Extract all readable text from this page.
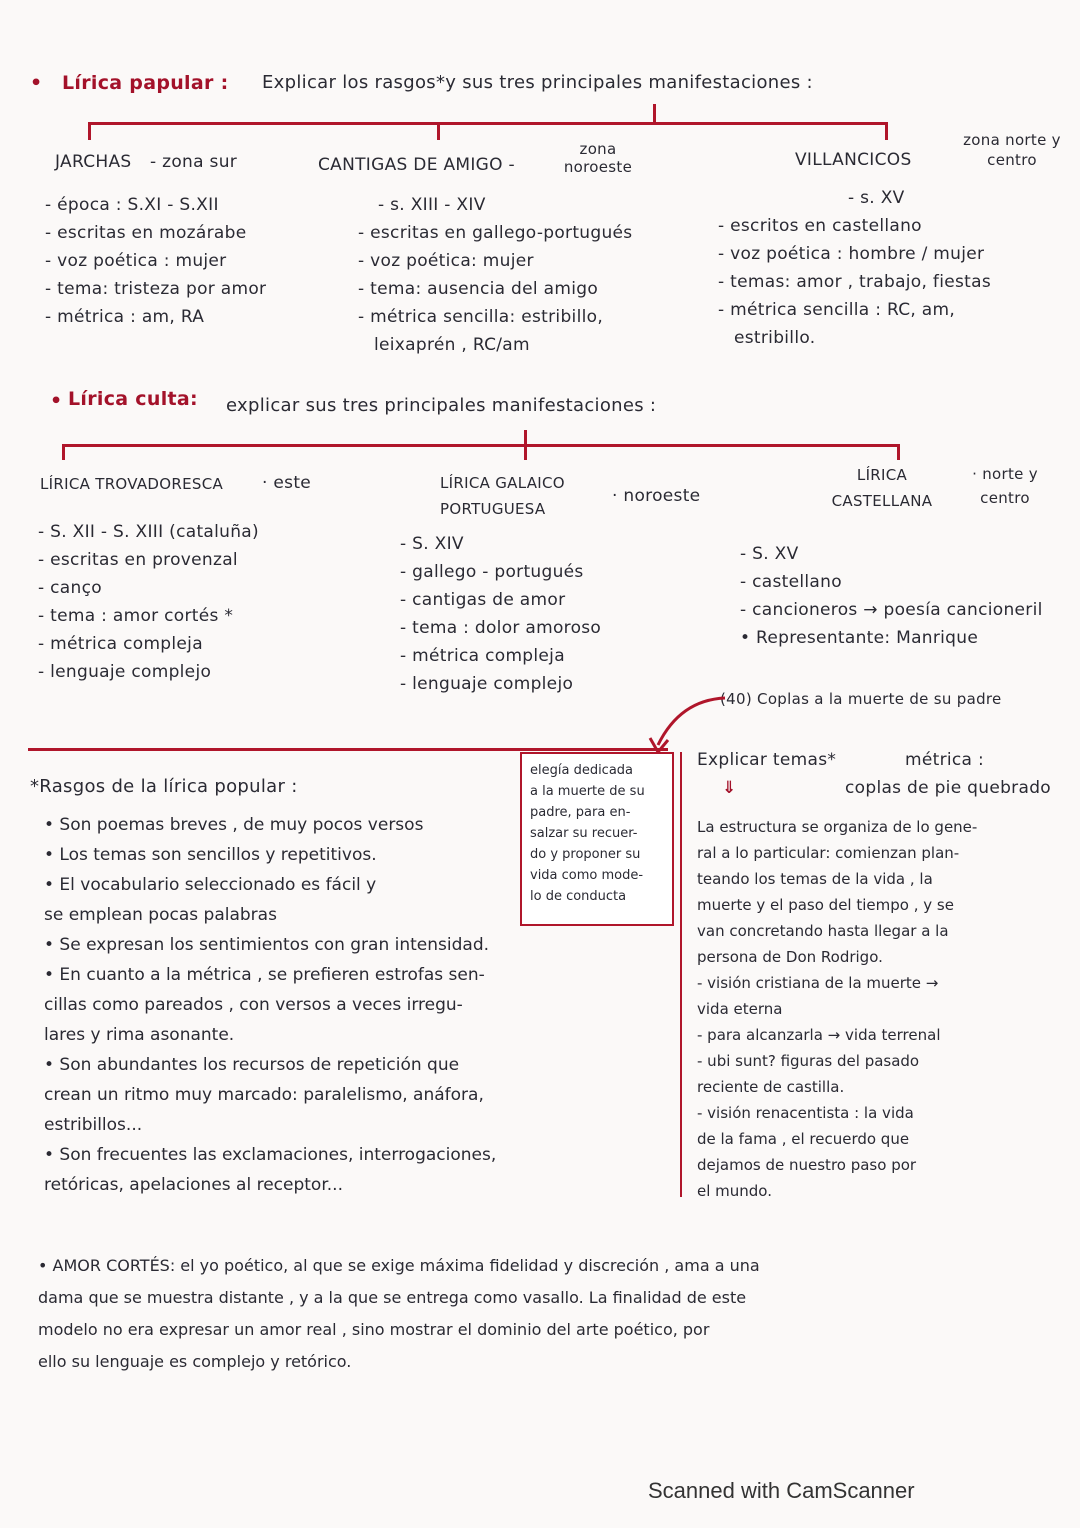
• Lírica papular : Explicar los rasgos*y sus tres principales manifestaciones :
JARCHAS - zona sur
- época : S.XI - S.XII
- escritas en mozárabe
- voz poética : mujer
- tema: tristeza por amor
- métrica : am, RA
CANTIGAS DE AMIGO -
zona noroeste
- s. XIII - XIV
- escritas en gallego-portugués
- voz poética: mujer
- tema: ausencia del amigo
- métrica sencilla: estribillo,
leixaprén , RC/am
VILLANCICOS
zona norte y centro
- s. XV
- escritos en castellano
- voz poética : hombre / mujer
- temas: amor , trabajo, fiestas
- métrica sencilla : RC, am,
estribillo.
• Lírica culta: explicar sus tres principales manifestaciones :
LÍRICA TROVADORESCA · este
- S. XII - S. XIII (cataluña)
- escritas en provenzal
- canço
- tema : amor cortés *
- métrica compleja
- lenguaje complejo
LÍRICA GALAICO PORTUGUESA
· noroeste
- S. XIV
- gallego - portugués
- cantigas de amor
- tema : dolor amoroso
- métrica compleja
- lenguaje complejo
LÍRICA CASTELLANA
· norte y centro
- S. XV
- castellano
- cancioneros → poesía cancioneril
• Representante: Manrique
(40) Coplas a la muerte de su padre
elegía dedicada
a la muerte de su
padre, para en-
salzar su recuer-
do y proponer su
vida como mode-
lo de conducta
*Rasgos de la lírica popular :
• Son poemas breves , de muy pocos versos
• Los temas son sencillos y repetitivos.
• El vocabulario seleccionado es fácil y
se emplean pocas palabras
• Se expresan los sentimientos con gran intensidad.
• En cuanto a la métrica , se prefieren estrofas sen-
cillas como pareados , con versos a veces irregu-
lares y rima asonante.
• Son abundantes los recursos de repetición que
crean un ritmo muy marcado: paralelismo, anáfora,
estribillos...
• Son frecuentes las exclamaciones, interrogaciones,
retóricas, apelaciones al receptor...
Explicar temas*	métrica :
coplas de pie quebrado
⇓
La estructura se organiza de lo gene-
ral a lo particular: comienzan plan-
teando los temas de la vida , la
muerte y el paso del tiempo , y se
van concretando hasta llegar a la
persona de Don Rodrigo.
- visión cristiana de la muerte →
vida eterna
- para alcanzarla → vida terrenal
- ubi sunt? figuras del pasado
reciente de castilla.
- visión renacentista : la vida
de la fama , el recuerdo que
dejamos de nuestro paso por
el mundo.
• AMOR CORTÉS: el yo poético, al que se exige máxima fidelidad y discreción , ama a una
dama que se muestra distante , y a la que se entrega como vasallo. La finalidad de este
modelo no era expresar un amor real , sino mostrar el dominio del arte poético, por
ello su lenguaje es complejo y retórico.
Scanned with CamScanner
